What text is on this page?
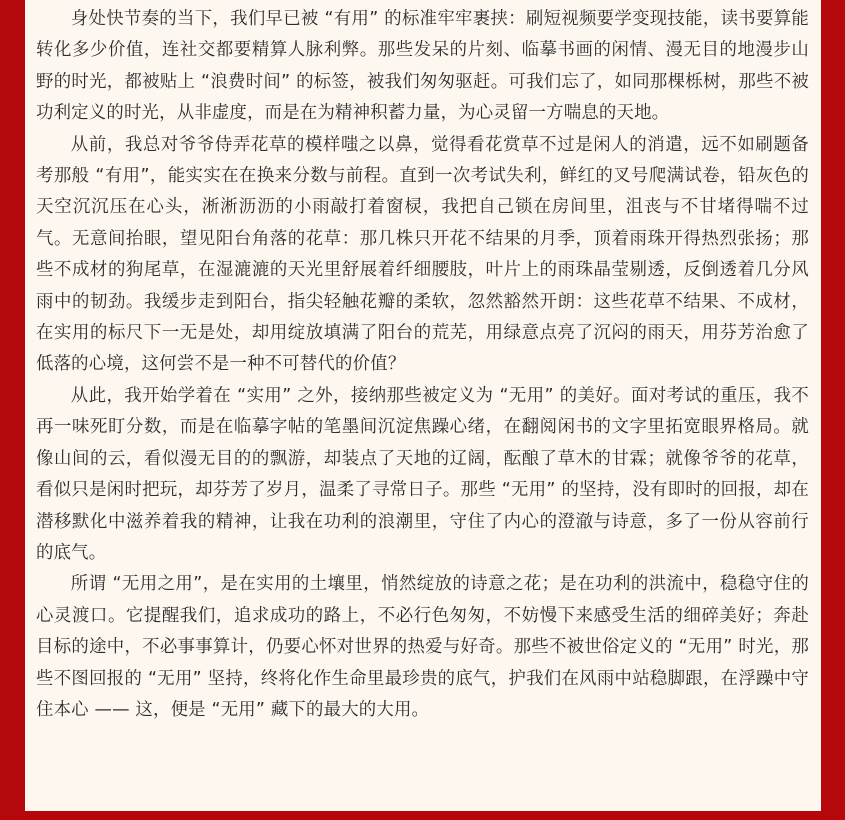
身处快节奏的当下，我们早已被 “有用” 的标准牢牢裹挟：刷短视频要学变现技能，读书要算能转化多少价值，连社交都要精算人脉利弊。那些发呆的片刻、临摹书画的闲情、漫无目的地漫步山野的时光，都被贴上 “浪费时间” 的标签，被我们匆匆驱赶。可我们忘了，如同那棵栎树，那些不被功利定义的时光，从非虚度，而是在为精神积蓄力量，为心灵留一方喘息的天地。

从前，我总对爷爷侍弄花草的模样嗤之以鼻，觉得看花赏草不过是闲人的消遣，远不如刷题备考那般 “有用”，能实实在在换来分数与前程。直到一次考试失利，鲜红的叉号爬满试卷，铅灰色的天空沉沉压在心头，淅淅沥沥的小雨敲打着窗棂，我把自己锁在房间里，沮丧与不甘堵得喘不过气。无意间抬眼，望见阳台角落的花草：那几株只开花不结果的月季，顶着雨珠开得热烈张扬；那些不成材的狗尾草，在湿漉漉的天光里舒展着纤细腰肢，叶片上的雨珠晶莹剔透，反倒透着几分风雨中的韧劲。我缓步走到阳台，指尖轻触花瓣的柔软，忽然豁然开朗：这些花草不结果、不成材，在实用的标尺下一无是处，却用绽放填满了阳台的荒芜，用绿意点亮了沉闷的雨天，用芬芳治愈了低落的心境，这何尝不是一种不可替代的价值？

从此，我开始学着在 “实用” 之外，接纳那些被定义为 “无用” 的美好。面对考试的重压，我不再一味死盯分数，而是在临摹字帖的笔墨间沉淀焦躁心绪，在翻阅闲书的文字里拓宽眼界格局。就像山间的云，看似漫无目的的飘游，却装点了天地的辽阔，酝酿了草木的甘霖；就像爷爷的花草，看似只是闲时把玩，却芬芳了岁月，温柔了寻常日子。那些 “无用” 的坚持，没有即时的回报，却在潜移默化中滋养着我的精神，让我在功利的浪潮里，守住了内心的澄澈与诗意，多了一份从容前行的底气。

所谓 “无用之用”，是在实用的土壤里，悄然绽放的诗意之花；是在功利的洪流中，稳稳守住的心灵渡口。它提醒我们，追求成功的路上，不必行色匆匆，不妨慢下来感受生活的细碎美好；奔赴目标的途中，不必事事算计，仍要心怀对世界的热爱与好奇。那些不被世俗定义的 “无用” 时光，那些不图回报的 “无用” 坚持，终将化作生命里最珍贵的底气，护我们在风雨中站稳脚跟，在浮躁中守住本心 —— 这，便是 “无用” 藏下的最大的大用。
